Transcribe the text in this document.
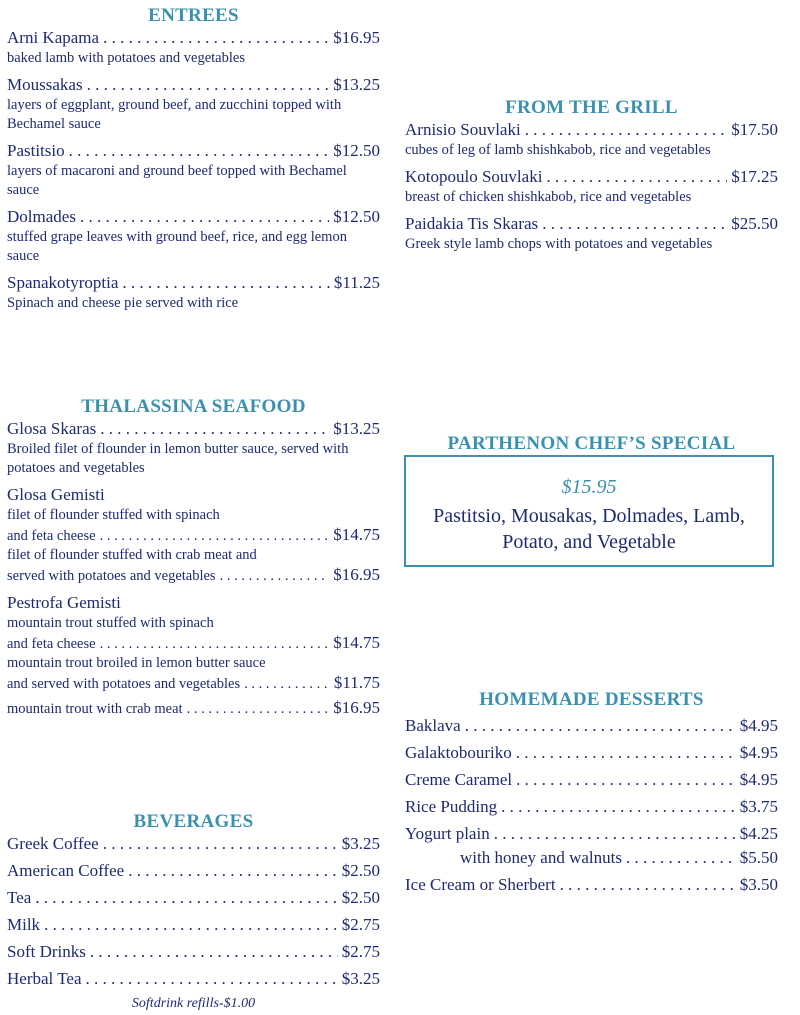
ENTREES
Arni Kapama . . .	$16.95
baked lamb with potatoes and vegetables
Moussakas . . .	$13.25
layers of eggplant, ground beef, and zucchini topped with Bechamel sauce
Pastitsio . . .	$12.50
layers of macaroni and ground beef topped with Bechamel sauce
Dolmades . . .	$12.50
stuffed grape leaves with ground beef, rice, and egg lemon sauce
Spanakotyroptia . . .	$11.25
Spinach and cheese pie served with rice
FROM THE GRILL
Arnisio Souvlaki . . .	$17.50
cubes of leg of lamb shishkabob, rice and vegetables
Kotopoulo Souvlaki . . .	$17.25
breast of chicken shishkabob, rice and vegetables
Paidakia Tis Skaras . . .	$25.50
Greek style lamb chops with potatoes and vegetables
THALASSINA SEAFOOD
Glosa Skaras . . .	$13.25
Broiled filet of flounder in lemon butter sauce, served with potatoes and vegetables
Glosa Gemisti
filet of flounder stuffed with spinach
and feta cheese . . .	$14.75
filet of flounder stuffed with crab meat and
served with potatoes and vegetables . . .	$16.95
Pestrofa Gemisti
mountain trout stuffed with spinach
and feta cheese . . .	$14.75
mountain trout broiled in lemon butter sauce
and served with potatoes and vegetables . . .	$11.75
mountain trout with crab meat . . .	$16.95
PARTHENON CHEF’S SPECIAL
$15.95
Pastitsio, Mousakas, Dolmades, Lamb, Potato, and Vegetable
HOMEMADE DESSERTS
Baklava . . .	$4.95
Galaktobouriko . . .	$4.95
Creme Caramel . . .	$4.95
Rice Pudding . . .	$3.75
Yogurt plain . . .	$4.25
with honey and walnuts . . .	$5.50
Ice Cream or Sherbert . . .	$3.50
BEVERAGES
Greek Coffee . . .	$3.25
American Coffee . . .	$2.50
Tea . . .	$2.50
Milk . . .	$2.75
Soft Drinks . . .	$2.75
Herbal Tea . . .	$3.25
Softdrink refills-$1.00
